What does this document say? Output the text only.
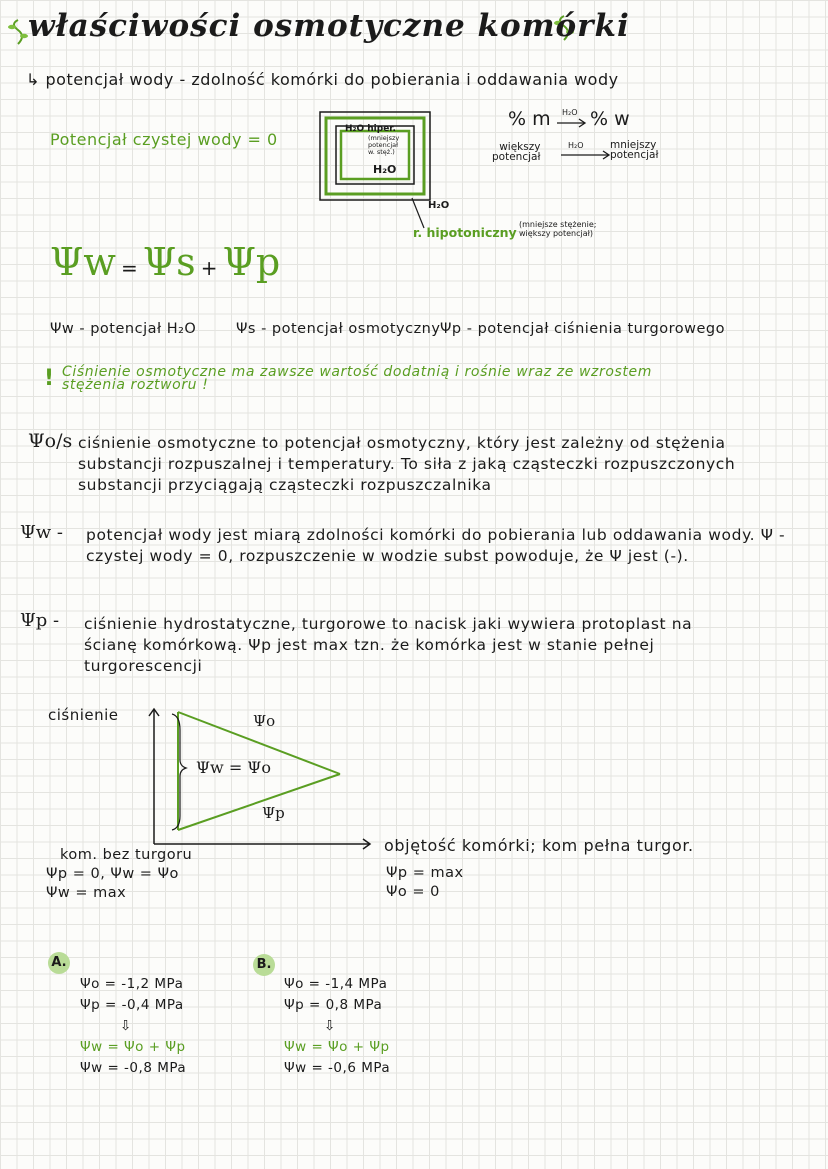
właściwości osmotyczne komórki
↳ potencjał wody - zdolność komórki do pobierania i oddawania wody
Potencjał czystej wody = 0
H₂O hiper.
(mniejszy
potencjał
w. stęż.)
H₂O
H₂O
r. hipotoniczny
(mniejsze stężenie;
większy potencjał)
% m H₂O % w
większy
potencjał
H₂O	mniejszy
potencjał
Ψw = Ψs + Ψp
Ψw - potencjał H₂O	Ψs - potencjał osmotyczny Ψp - potencjał ciśnienia turgorowego
! Ciśnienie osmotyczne ma zawsze wartość dodatnią i rośnie wraz ze wzrostem
stężenia roztworu !
Ψo/s ciśnienie osmotyczne to potencjał osmotyczny, który jest zależny od stężenia substancji rozpuszalnej i temperatury. To siła z jaką cząsteczki rozpuszczonych substancji przyciągają cząsteczki rozpuszczalnika
Ψw - potencjał wody jest miarą zdolności komórki do pobierania lub oddawania wody. Ψ - czystej wody = 0, rozpuszczenie w wodzie subst powoduje, że Ψ jest (-).
Ψp - ciśnienie hydrostatyczne, turgorowe to nacisk jaki wywiera protoplast na ścianę komórkową. Ψp jest max tzn. że komórka jest w stanie pełnej turgorescencji
ciśnienie	Ψo
Ψw = Ψo
Ψp
objętość komórki; kom pełna turgor.
kom. bez turgoru
Ψp = 0, Ψw = Ψo
Ψw = max
Ψp = max
Ψo = 0
A.
Ψo = -1,2 MPa
Ψp = -0,4 MPa
⇩
Ψw = Ψo + Ψp
Ψw = -0,8 MPa
B.
Ψo = -1,4 MPa
Ψp = 0,8 MPa
⇩
Ψw = Ψo + Ψp
Ψw = -0,6 MPa
